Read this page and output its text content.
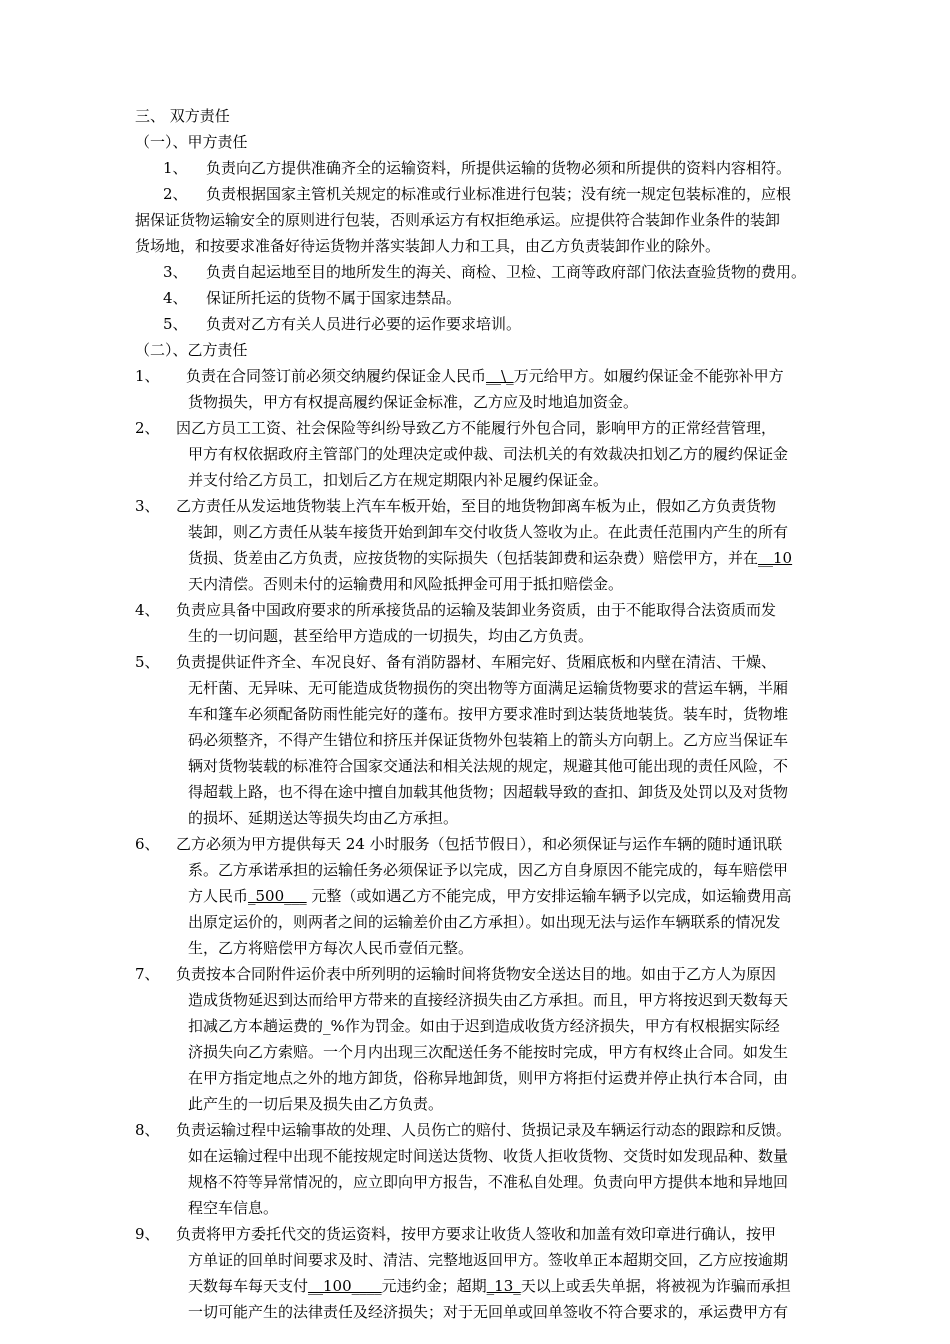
三、 双方责任
（一）、甲方责任
1、 负责向乙方提供准确齐全的运输资料，所提供运输的货物必须和所提供的资料内容相符。
2、 负责根据国家主管机关规定的标准或行业标准进行包装；没有统一规定包装标准的，应根
据保证货物运输安全的原则进行包装，否则承运方有权拒绝承运。应提供符合装卸作业条件的装卸
货场地，和按要求准备好待运货物并落实装卸人力和工具，由乙方负责装卸作业的除外。
3、 负责自起运地至目的地所发生的海关、商检、卫检、工商等政府部门依法查验货物的费用。
4、 保证所托运的货物不属于国家违禁品。
5、 负责对乙方有关人员进行必要的运作要求培训。
（二）、乙方责任
1、 负责在合同签订前必须交纳履约保证金人民币__\_万元给甲方。如履约保证金不能弥补甲方
货物损失，甲方有权提高履约保证金标准，乙方应及时地追加资金。
2、 因乙方员工工资、社会保险等纠纷导致乙方不能履行外包合同，影响甲方的正常经营管理，
甲方有权依据政府主管部门的处理决定或仲裁、司法机关的有效裁决扣划乙方的履约保证金
并支付给乙方员工，扣划后乙方在规定期限内补足履约保证金。
3、 乙方责任从发运地货物装上汽车车板开始，至目的地货物卸离车板为止，假如乙方负责货物
装卸，则乙方责任从装车接货开始到卸车交付收货人签收为止。在此责任范围内产生的所有
货损、货差由乙方负责，应按货物的实际损失（包括装卸费和运杂费）赔偿甲方，并在__10
天内清偿。否则未付的运输费用和风险抵押金可用于抵扣赔偿金。
4、 负责应具备中国政府要求的所承接货品的运输及装卸业务资质，由于不能取得合法资质而发
生的一切问题，甚至给甲方造成的一切损失，均由乙方负责。
5、 负责提供证件齐全、车况良好、备有消防器材、车厢完好、货厢底板和内壁在清洁、干燥、
无杆菌、无异味、无可能造成货物损伤的突出物等方面满足运输货物要求的营运车辆，半厢
车和篷车必须配备防雨性能完好的蓬布。按甲方要求准时到达装货地装货。装车时，货物堆
码必须整齐，不得产生错位和挤压并保证货物外包装箱上的箭头方向朝上。乙方应当保证车
辆对货物装载的标准符合国家交通法和相关法规的规定，规避其他可能出现的责任风险，不
得超载上路，也不得在途中擅自加载其他货物；因超载导致的查扣、卸货及处罚以及对货物
的损坏、延期送达等损失均由乙方承担。
6、 乙方必须为甲方提供每天 24 小时服务（包括节假日），和必须保证与运作车辆的随时通讯联
系。乙方承诺承担的运输任务必须保证予以完成，因乙方自身原因不能完成的，每车赔偿甲
方人民币_500___ 元整（或如遇乙方不能完成，甲方安排运输车辆予以完成，如运输费用高
出原定运价的，则两者之间的运输差价由乙方承担）。如出现无法与运作车辆联系的情况发
生，乙方将赔偿甲方每次人民币壹佰元整。
7、 负责按本合同附件运价表中所列明的运输时间将货物安全送达目的地。如由于乙方人为原因
造成货物延迟到达而给甲方带来的直接经济损失由乙方承担。而且，甲方将按迟到天数每天
扣减乙方本趟运费的_%作为罚金。如由于迟到造成收货方经济损失，甲方有权根据实际经
济损失向乙方索赔。一个月内出现三次配送任务不能按时完成，甲方有权终止合同。如发生
在甲方指定地点之外的地方卸货，俗称异地卸货，则甲方将拒付运费并停止执行本合同，由
此产生的一切后果及损失由乙方负责。
8、 负责运输过程中运输事故的处理、人员伤亡的赔付、货损记录及车辆运行动态的跟踪和反馈。
如在运输过程中出现不能按规定时间送达货物、收货人拒收货物、交货时如发现品种、数量
规格不符等异常情况的，应立即向甲方报告，不准私自处理。负责向甲方提供本地和异地回
程空车信息。
9、 负责将甲方委托代交的货运资料，按甲方要求让收货人签收和加盖有效印章进行确认，按甲
方单证的回单时间要求及时、清洁、完整地返回甲方。签收单正本超期交回，乙方应按逾期
天数每车每天支付__100____元违约金；超期_13_天以上或丢失单据，将被视为诈骗而承担
一切可能产生的法律责任及经济损失；对于无回单或回单签收不符合要求的，承运费甲方有
